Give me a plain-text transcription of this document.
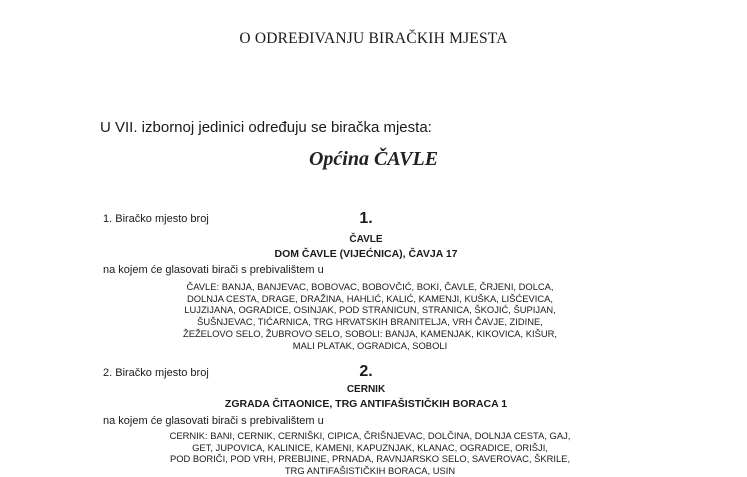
O ODREĐIVANJU BIRAČKIH MJESTA
U VII. izbornoj jedinici određuju se biračka mjesta:
Općina ČAVLE
1. Biračko mjesto broj	1.
ČAVLE
DOM ČAVLE (VIJEĆNICA), ČAVJA 17
na kojem će glasovati birači s prebivalištem u
ČAVLE: BANJA, BANJEVAC, BOBOVAC, BOBOVČIĆ, BOKI, ČAVLE, ČRJENI, DOLCA,
DOLNJA CESTA, DRAGE, DRAŽINA, HAHLIĆ, KALIĆ, KAMENJI, KUŠKA, LIŠĆEVICA,
LUJZIJANA, OGRADICE, OSINJAK, POD STRANICUN, STRANICA, ŠKOJIĆ, ŠUPIJAN,
ŠUŠNJEVAC, TIĆARNICA, TRG HRVATSKIH BRANITELJA, VRH ČAVJE, ZIDINE,
ŽEŽELOVO SELO, ŽUBROVO SELO, SOBOLI: BANJA, KAMENJAK, KIKOVICA, KIŠUR,
MALI PLATAK, OGRADICA, SOBOLI
2. Biračko mjesto broj	2.
CERNIK
ZGRADA ČITAONICE, TRG ANTIFAŠISTIČKIH BORACA 1
na kojem će glasovati birači s prebivalištem u
CERNIK: BANI, CERNIK, CERNIŠKI, CIPICA, ČRIŠNJEVAC, DOLČINA, DOLNJA CESTA, GAJ,
GET, JUPOVICA, KALINICE, KAMENI, KAPUZNJAK, KLANAC, OGRADICE, ORIŠJI,
POD BORIČI, POD VRH, PREBIJINE, PRNADA, RAVNJARSKO SELO, SAVEROVAC, ŠKRILE,
TRG ANTIFAŠISTIČKIH BORACA, USIN
